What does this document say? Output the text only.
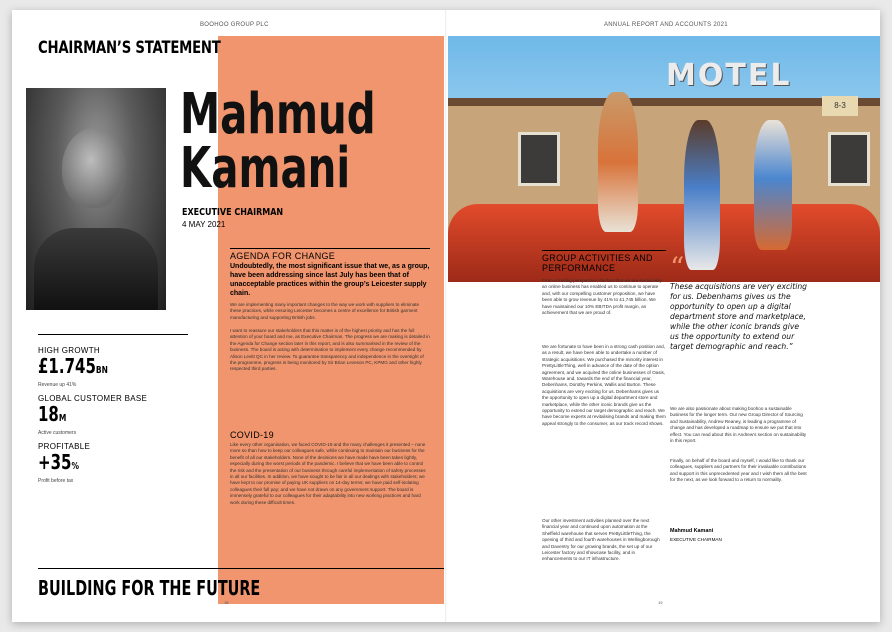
BOOHOO GROUP PLC	ANNUAL REPORT AND ACCOUNTS 2021
CHAIRMAN’S STATEMENT
Mahmud
Kamani
EXECUTIVE CHAIRMAN
4 MAY 2021
HIGH GROWTH
£1.745BN
Revenue up 41%
GLOBAL CUSTOMER BASE
18M
Active customers
PROFITABLE
+35%
Profit before tax
AGENDA FOR CHANGE
Undoubtedly, the most significant issue that we, as a group, have been addressing since last July has been that of unacceptable practices within the group’s Leicester supply chain.
We are implementing many important changes to the way we work with suppliers to eliminate these practices, while ensuring Leicester becomes a centre of excellence for British garment manufacturing and supporting British jobs.
I want to reassure our stakeholders that this matter is of the highest priority and has the full attention of your board and me, as Executive Chairman. The progress we are making is detailed in the Agenda for Change section later in this report, and is also summarised in the review of the business. The board is acting with determination to implement every change recommended by Alison Levitt QC in her review. To guarantee transparency and independence in the oversight of the programme, progress is being monitored by Sir Brian Leveson PC, KPMG and other highly respected third parties.
COVID-19
Like every other organisation, we faced COVID-19 and the many challenges it presented – none more so than how to keep our colleagues safe, while continuing to maintain our business for the benefit of all our stakeholders. None of the decisions we have made have been taken lightly, especially during the worst periods of the pandemic. I believe that we have been able to control the risk and the presentation of our business through careful implementation of safety processes in all our facilities. In addition, we have sought to be fair in all our dealings with stakeholders; we have kept to our promise of paying UK suppliers on 14-day terms; we have paid self-isolating colleagues their full pay; and we have not drawn on any government support. The board is immensely grateful to our colleagues for their adaptability into new working practices and hard work during these difficult times.
BUILDING FOR THE FUTURE
18	19
MOTEL
8-3
GROUP ACTIVITIES AND PERFORMANCE
From a trading perspective, the fact that we are exclusively an online business has enabled us to continue to operate and, with our compelling customer proposition, we have been able to grow revenue by 41% to £1,745 billion. We have maintained our 10% EBITDA profit margin, an achievement that we are proud of.
We are fortunate to have been in a strong cash position and, as a result, we have been able to undertake a number of strategic acquisitions. We purchased the minority interest in PrettyLittleThing, well in advance of the date of the option agreement, and we acquired the online businesses of Oasis, Warehouse and, towards the end of the financial year, Debenhams, Dorothy Perkins, Wallis and Burton. These acquisitions are very exciting for us. Debenhams gives us the opportunity to open up a digital department store and marketplace, while the other iconic brands give us the opportunity to extend our target demographic and reach. We have become experts at revitalising brands and making them appeal strongly to the consumer, as our track record shows.
Our other investment activities planned over the next financial year and continued upon automation at the Sheffield warehouse that serves PrettyLittleThing, the opening of third and fourth warehouses in Wellingborough and Daventry for our growing brands, the set up of our Leicester factory and showcase facility, and in enhancements to our IT infrastructure.
“
These acquisitions are very exciting for us. Debenhams gives us the opportunity to open up a digital department store and marketplace, while the other iconic brands give us the opportunity to extend our target demographic and reach.”
We are also passionate about making boohoo a sustainable business for the longer term. Our new Group Director of Sourcing and Sustainability, Andrew Reaney, is leading a programme of change and has developed a roadmap to ensure we put that into effect. You can read about this in Andrew’s section on sustainability in this report.
Finally, on behalf of the board and myself, I would like to thank our colleagues, suppliers and partners for their invaluable contributions and support in this unprecedented year and I wish them all the best for the next, as we look forward to a return to normality.
Mahmud Kamani
EXECUTIVE CHAIRMAN
